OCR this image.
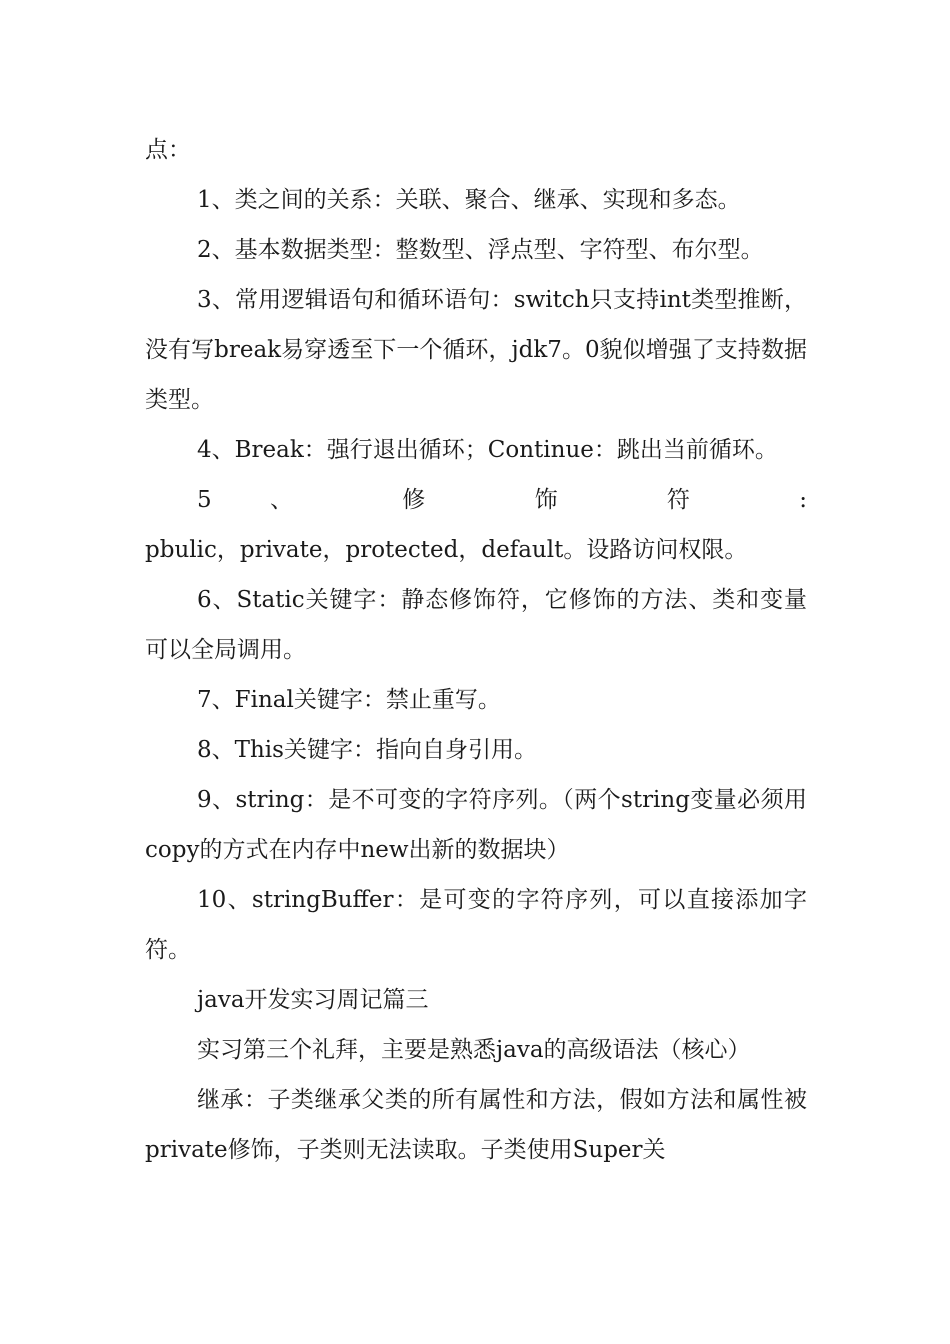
点：

1、类之间的关系：关联、聚合、继承、实现和多态。

2、基本数据类型：整数型、浮点型、字符型、布尔型。

3、常用逻辑语句和循环语句：switch只支持int类型推断，没有写break易穿透至下一个循环，jdk7。0貌似增强了支持数据类型。

4、Break：强行退出循环；Continue：跳出当前循环。

5 、 修 饰 符 :

pbulic，private，protected，default。设路访问权限。

6、Static关键字：静态修饰符，它修饰的方法、类和变量可以全局调用。

7、Final关键字：禁止重写。

8、This关键字：指向自身引用。

9、string：是不可变的字符序列。（两个string变量必须用copy的方式在内存中new出新的数据块）

10、stringBuffer：是可变的字符序列，可以直接添加字符。

java开发实习周记篇三

实习第三个礼拜，主要是熟悉java的高级语法（核心）

继承：子类继承父类的所有属性和方法，假如方法和属性被private修饰，子类则无法读取。子类使用Super关
